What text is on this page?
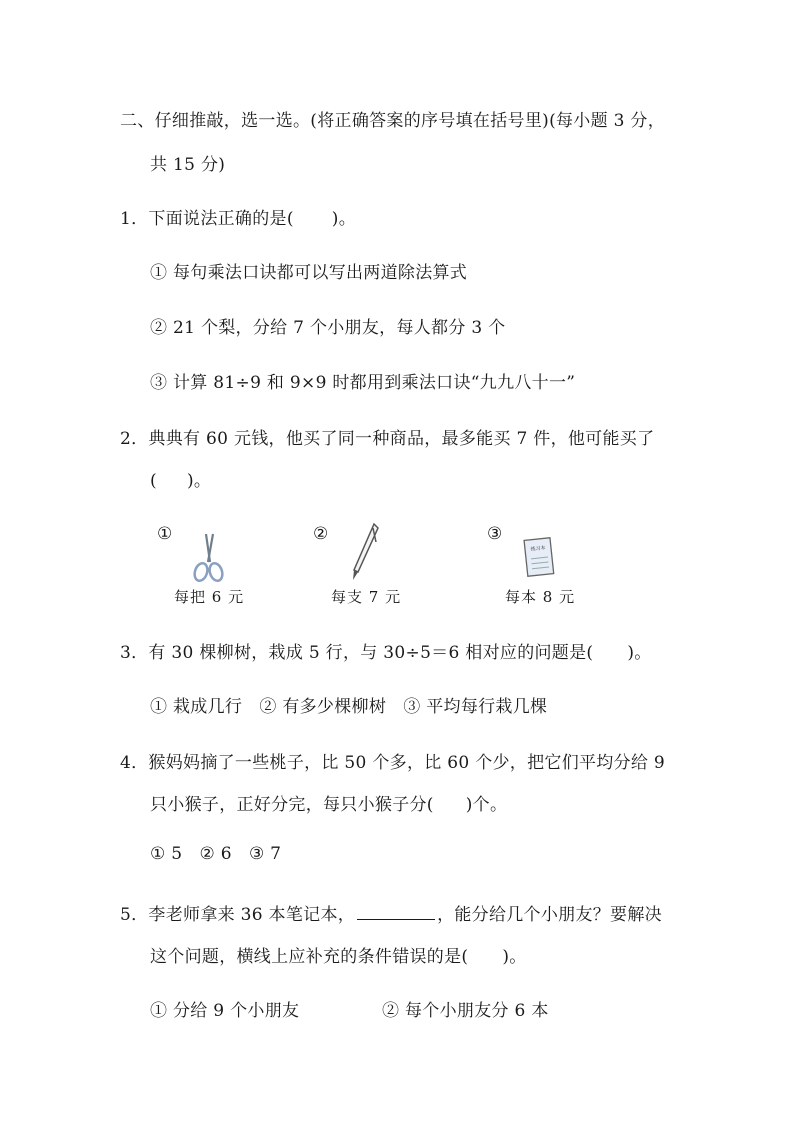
二、仔细推敲，选一选。(将正确答案的序号填在括号里)(每小题 3 分，
共 15 分)
1．下面说法正确的是( )。
① 每句乘法口诀都可以写出两道除法算式
② 21 个梨，分给 7 个小朋友，每人都分 3 个
③ 计算 81÷9 和 9×9 时都用到乘法口诀“九九八十一”
2．典典有 60 元钱，他买了同一种商品，最多能买 7 件，他可能买了
( )。
①
每把 6 元
②
每支 7 元
③
练习本
每本 8 元
3．有 30 棵柳树，栽成 5 行，与 30÷5＝6 相对应的问题是( )。
① 栽成几行   ② 有多少棵柳树   ③ 平均每行栽几棵
4．猴妈妈摘了一些桃子，比 50 个多，比 60 个少，把它们平均分给 9
只小猴子，正好分完，每只小猴子分( )个。
① 5   ② 6   ③ 7
5．李老师拿来 36 本笔记本，	，能分给几个小朋友？要解决
这个问题，横线上应补充的条件错误的是( )。
① 分给 9 个小朋友	② 每个小朋友分 6 本
